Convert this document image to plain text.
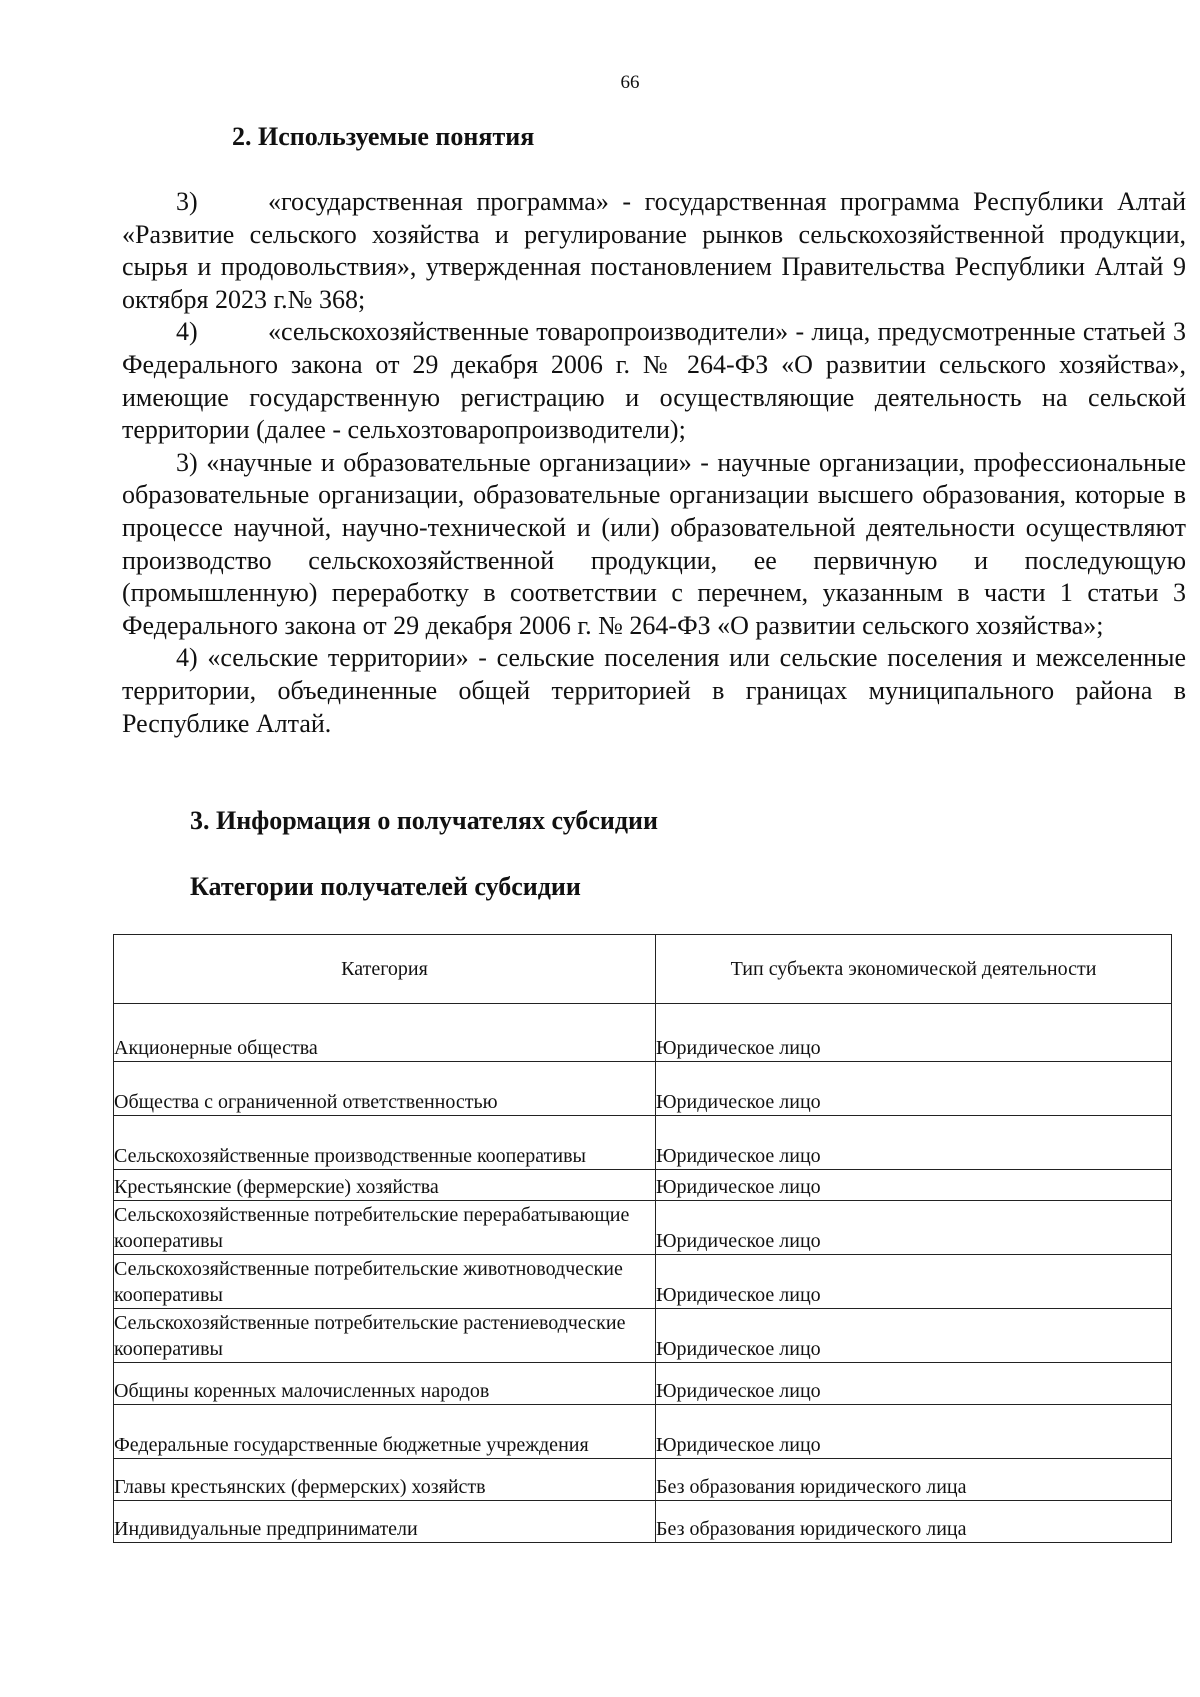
66
2. Используемые понятия

3)	«государственная программа» - государственная программа Республики Алтай «Развитие сельского хозяйства и регулирование рынков сельскохозяйственной продукции, сырья и продовольствия», утвержденная постановлением Правительства Республики Алтай 9 октября 2023 г.№ 368;

4)	«сельскохозяйственные товаропроизводители» - лица, предусмотренные статьей 3 Федерального закона от 29 декабря 2006 г. № 264-ФЗ «О развитии сельского хозяйства», имеющие государственную регистрацию и осуществляющие деятельность на сельской территории (далее - сельхозтоваропроизводители);

3) «научные и образовательные организации» - научные организации, профессиональные образовательные организации, образовательные организации высшего образования, которые в процессе научной, научно-технической и (или) образовательной деятельности осуществляют производство сельскохозяйственной продукции, ее первичную и последующую (промышленную) переработку в соответствии с перечнем, указанным в части 1 статьи 3 Федерального закона от 29 декабря 2006 г. № 264-ФЗ «О развитии сельского хозяйства»;

4) «сельские территории» - сельские поселения или сельские поселения и межселенные территории, объединенные общей территорией в границах муниципального района в Республике Алтай.

3. Информация о получателях субсидии
Категории получателей субсидии
Категория	Тип субъекта экономической деятельности
Акционерные общества	Юридическое лицо
Общества с ограниченной ответственностью	Юридическое лицо
Сельскохозяйственные производственные кооперативы	Юридическое лицо
Крестьянские (фермерские) хозяйства	Юридическое лицо
Сельскохозяйственные потребительские перерабатывающие кооперативы	Юридическое лицо
Сельскохозяйственные потребительские животноводческие кооперативы	Юридическое лицо
Сельскохозяйственные потребительские растениеводческие кооперативы	Юридическое лицо
Общины коренных малочисленных народов	Юридическое лицо
Федеральные государственные бюджетные учреждения	Юридическое лицо
Главы крестьянских (фермерских) хозяйств	Без образования юридического лица
Индивидуальные предприниматели	Без образования юридического лица
